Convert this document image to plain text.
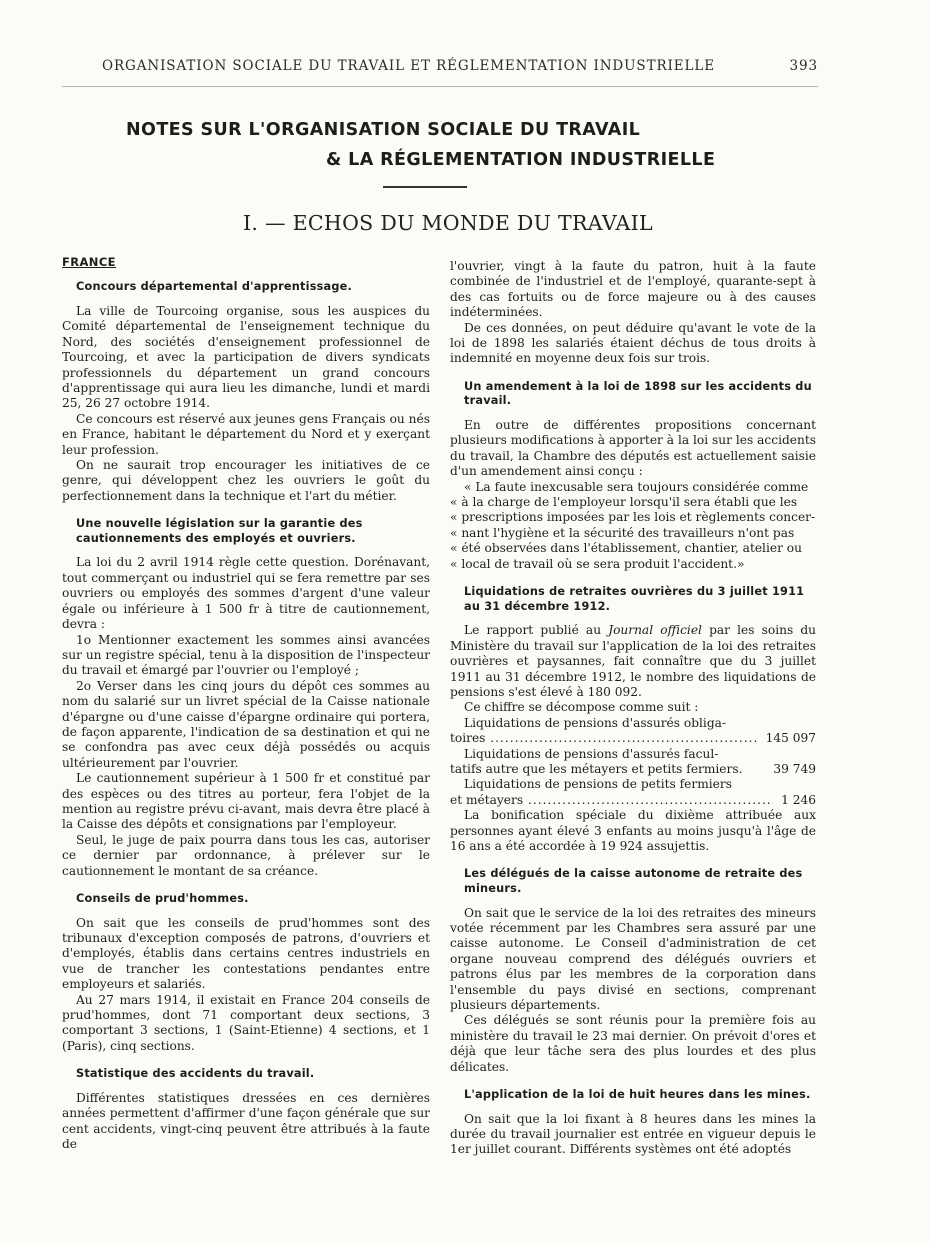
ORGANISATION SOCIALE DU TRAVAIL ET RÉGLEMENTATION INDUSTRIELLE	393
NOTES SUR L'ORGANISATION SOCIALE DU TRAVAIL
& LA RÉGLEMENTATION INDUSTRIELLE
I. — ECHOS DU MONDE DU TRAVAIL
FRANCE
Concours départemental d'apprentissage.

La ville de Tourcoing organise, sous les auspices du Comité départemental de l'enseignement technique du Nord, des sociétés d'enseignement professionnel de Tourcoing, et avec la participation de divers syndicats professionnels du département un grand concours d'apprentissage qui aura lieu les dimanche, lundi et mardi 25, 26 27 octobre 1914.

Ce concours est réservé aux jeunes gens Français ou nés en France, habitant le département du Nord et y exerçant leur profession.

On ne saurait trop encourager les initiatives de ce genre, qui développent chez les ouvriers le goût du perfectionnement dans la technique et l'art du métier.

Une nouvelle législation sur la garantie des cautionnements des employés et ouvriers.

La loi du 2 avril 1914 règle cette question. Dorénavant, tout commerçant ou industriel qui se fera remettre par ses ouvriers ou employés des sommes d'argent d'une valeur égale ou inférieure à 1 500 fr à titre de cautionnement, devra :

1o Mentionner exactement les sommes ainsi avancées sur un registre spécial, tenu à la disposition de l'inspecteur du travail et émargé par l'ouvrier ou l'employé ;

2o Verser dans les cinq jours du dépôt ces sommes au nom du salarié sur un livret spécial de la Caisse nationale d'épargne ou d'une caisse d'épargne ordinaire qui portera, de façon apparente, l'indication de sa destination et qui ne se confondra pas avec ceux déjà possédés ou acquis ultérieurement par l'ouvrier.

Le cautionnement supérieur à 1 500 fr et constitué par des espèces ou des titres au porteur, fera l'objet de la mention au registre prévu ci-avant, mais devra être placé à la Caisse des dépôts et consignations par l'employeur.

Seul, le juge de paix pourra dans tous les cas, autoriser ce dernier par ordonnance, à prélever sur le cautionnement le montant de sa créance.

Conseils de prud'hommes.

On sait que les conseils de prud'hommes sont des tribunaux d'exception composés de patrons, d'ouvriers et d'employés, établis dans certains centres industriels en vue de trancher les contestations pendantes entre employeurs et salariés.

Au 27 mars 1914, il existait en France 204 conseils de prud'hommes, dont 71 comportant deux sections, 3 comportant 3 sections, 1 (Saint-Etienne) 4 sections, et 1 (Paris), cinq sections.

Statistique des accidents du travail.

Différentes statistiques dressées en ces dernières années permettent d'affirmer d'une façon générale que sur cent accidents, vingt-cinq peuvent être attribués à la faute de

l'ouvrier, vingt à la faute du patron, huit à la faute combinée de l'industriel et de l'employé, quarante-sept à des cas fortuits ou de force majeure ou à des causes indéterminées.

De ces données, on peut déduire qu'avant le vote de la loi de 1898 les salariés étaient déchus de tous droits à indemnité en moyenne deux fois sur trois.

Un amendement à la loi de 1898 sur les accidents du travail.

En outre de différentes propositions concernant plusieurs modifications à apporter à la loi sur les accidents du travail, la Chambre des députés est actuellement saisie d'un amendement ainsi conçu :

« La faute inexcusable sera toujours considérée comme

« à la charge de l'employeur lorsqu'il sera établi que les

« prescriptions imposées par les lois et règlements concer-

« nant l'hygiène et la sécurité des travailleurs n'ont pas

« été observées dans l'établissement, chantier, atelier ou

« local de travail où se sera produit l'accident.»

Liquidations de retraites ouvrières du 3 juillet 1911 au 31 décembre 1912.

Le rapport publié au Journal officiel par les soins du Ministère du travail sur l'application de la loi des retraites ouvrières et paysannes, fait connaître que du 3 juillet 1911 au 31 décembre 1912, le nombre des liquidations de pensions s'est élevé à 180 092.

Ce chiffre se décompose comme suit :

Liquidations de pensions d'assurés obliga-

toires .....	145 097

Liquidations de pensions d'assurés facul-

tatifs autre que les métayers et petits fermiers.	39 749

Liquidations de pensions de petits fermiers

et métayers .....	1 246

La bonification spéciale du dixième attribuée aux personnes ayant élevé 3 enfants au moins jusqu'à l'âge de 16 ans a été accordée à 19 924 assujettis.

Les délégués de la caisse autonome de retraite des mineurs.

On sait que le service de la loi des retraites des mineurs votée récemment par les Chambres sera assuré par une caisse autonome. Le Conseil d'administration de cet organe nouveau comprend des délégués ouvriers et patrons élus par les membres de la corporation dans l'ensemble du pays divisé en sections, comprenant plusieurs départements.

Ces délégués se sont réunis pour la première fois au ministère du travail le 23 mai dernier. On prévoit d'ores et déjà que leur tâche sera des plus lourdes et des plus délicates.

L'application de la loi de huit heures dans les mines.

On sait que la loi fixant à 8 heures dans les mines la durée du travail journalier est entrée en vigueur depuis le 1er juillet courant. Différents systèmes ont été adoptés
